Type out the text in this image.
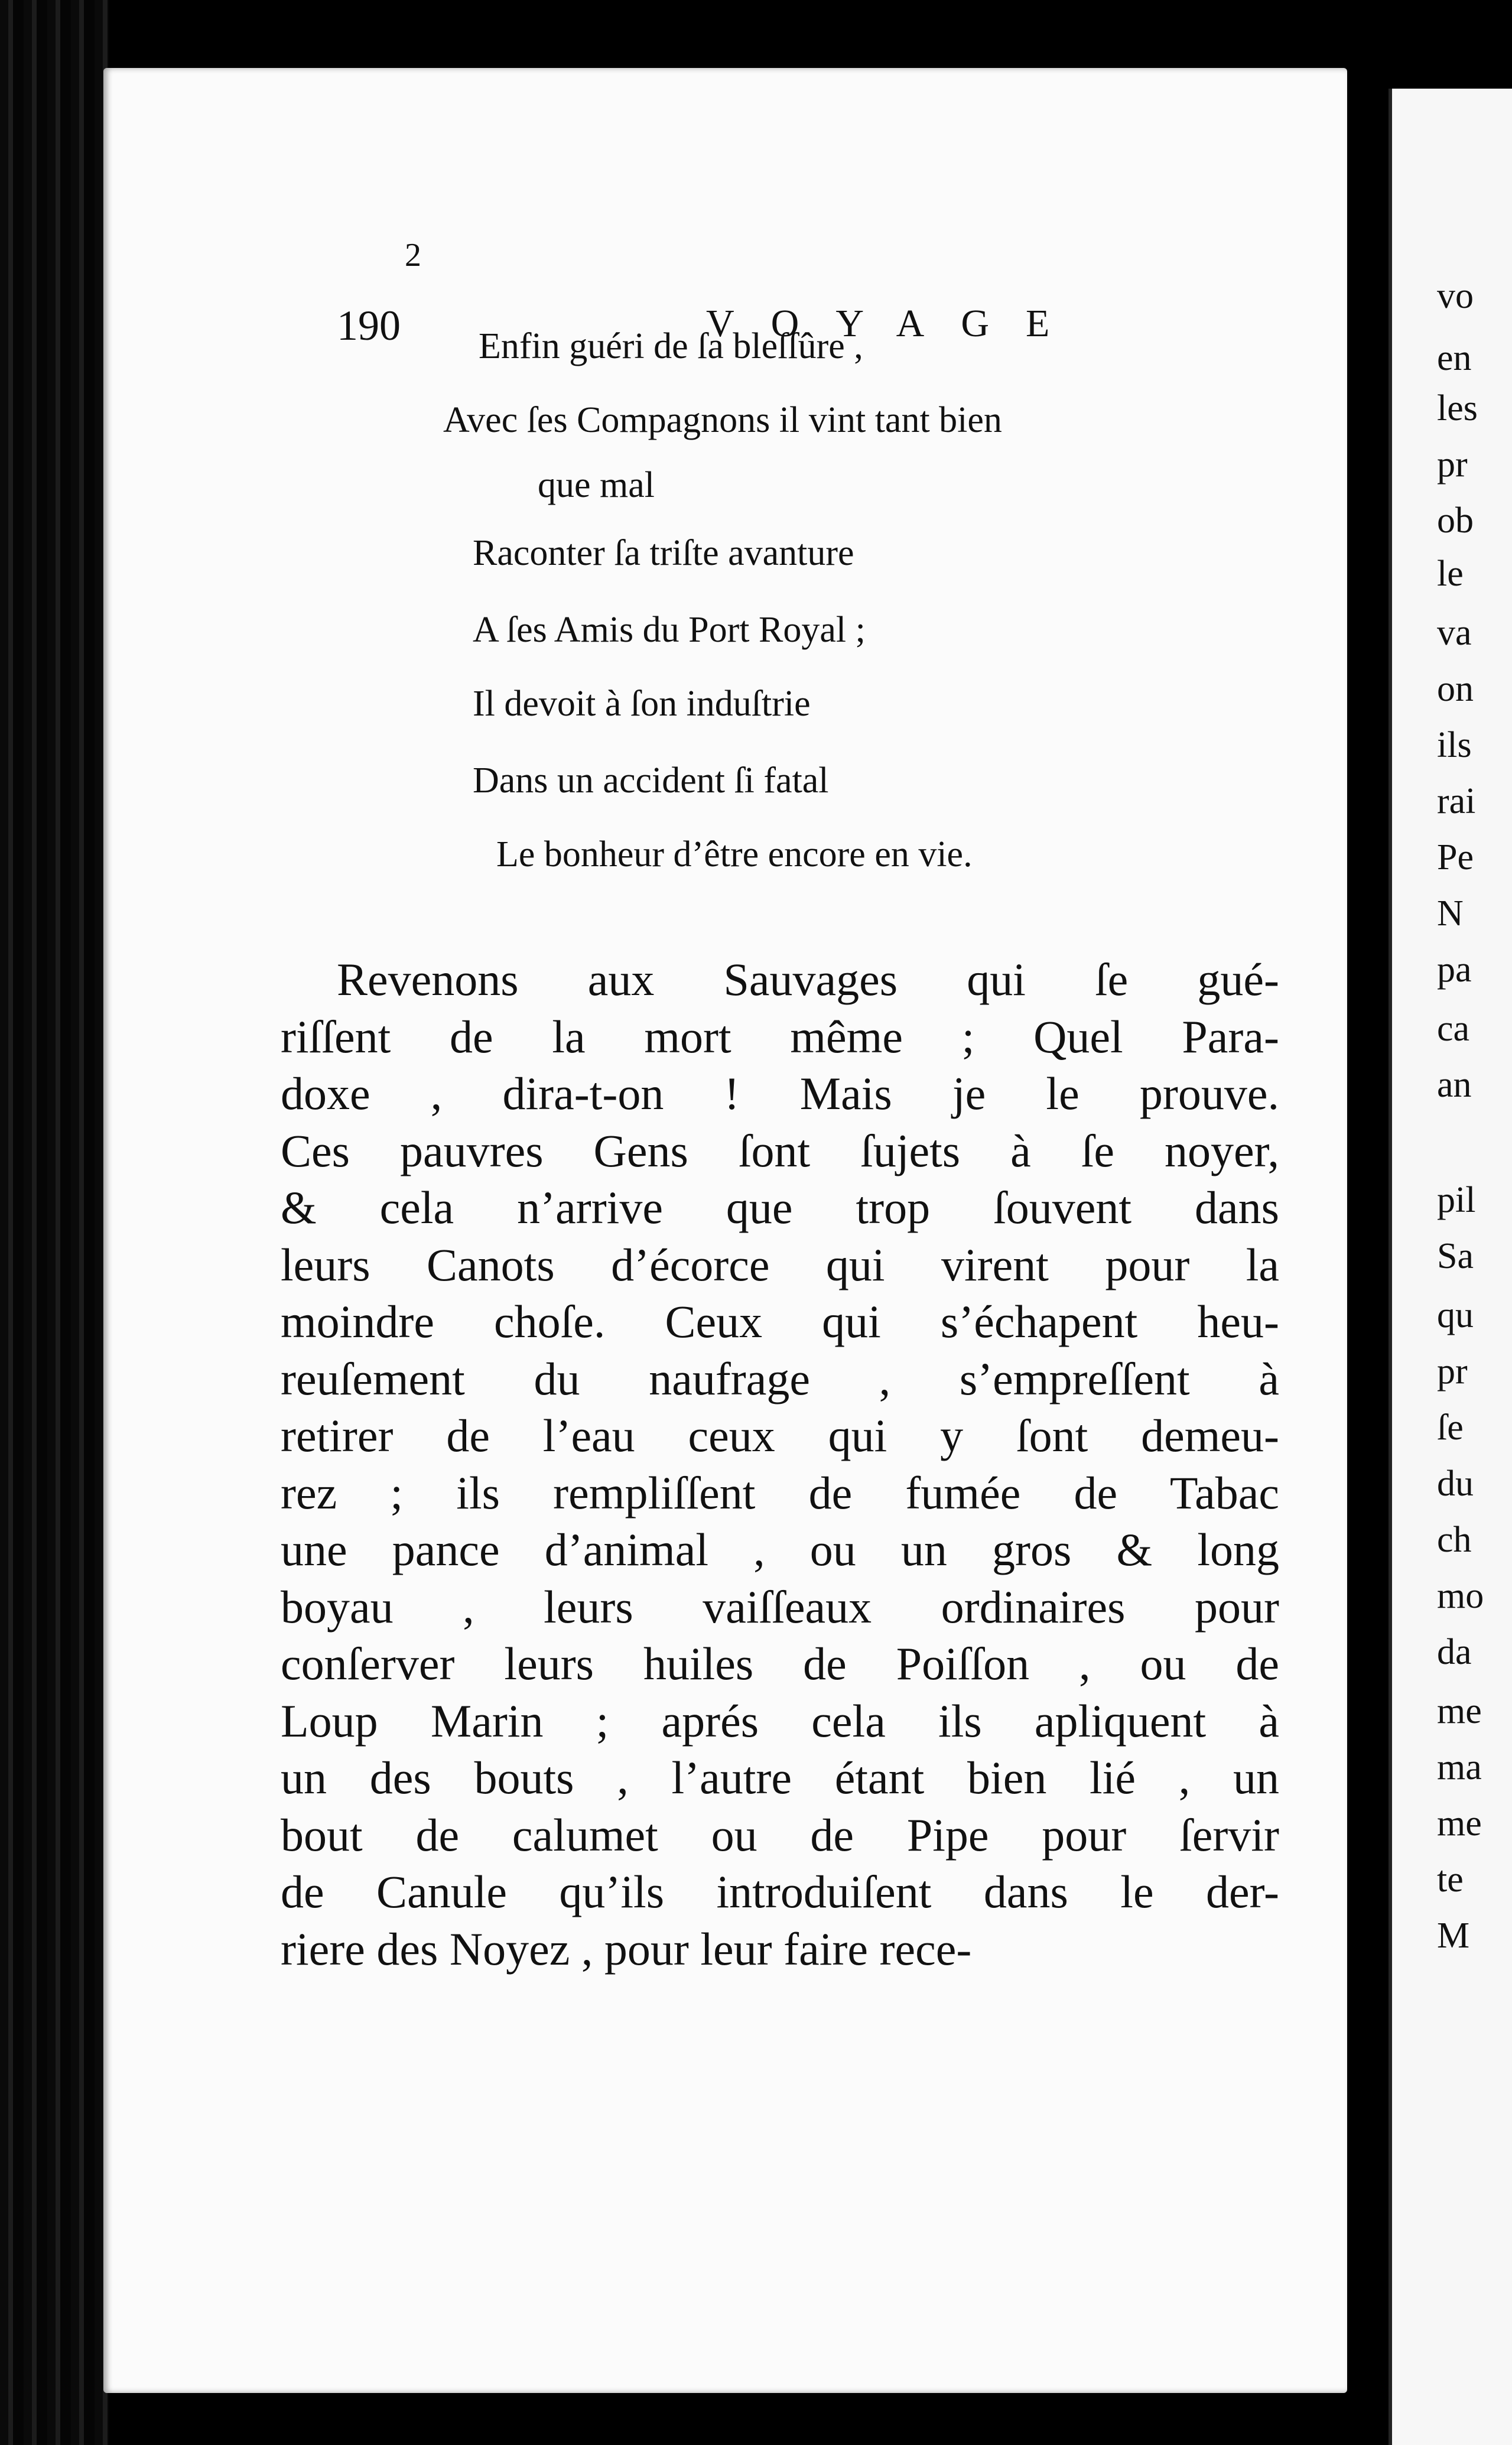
190	VOYAGE
2
Enfin guéri de ſa bleſſûre ,
Avec ſes Compagnons il vint tant bien
que mal
Raconter ſa triſte avanture
A ſes Amis du Port Royal ;
Il devoit à ſon induſtrie
Dans un accident ſi fatal
Le bonheur d’être encore en vie.
Revenons aux Sauvages qui ſe gué-
riſſent de la mort même ; Quel Para-
doxe , dira-t-on ! Mais je le prouve.
Ces pauvres Gens ſont ſujets à ſe noyer,
& cela n’arrive que trop ſouvent dans
leurs Canots d’écorce qui virent pour la
moindre choſe. Ceux qui s’échapent heu-
reuſement du naufrage , s’empreſſent à
retirer de l’eau ceux qui y ſont demeu-
rez ; ils rempliſſent de fumée de Tabac
une pance d’animal , ou un gros & long
boyau , leurs vaiſſeaux ordinaires pour
conſerver leurs huiles de Poiſſon , ou de
Loup Marin ; aprés cela ils apliquent à
un des bouts , l’autre étant bien lié , un
bout de calumet ou de Pipe pour ſervir
de Canule qu’ils introduiſent dans le der-
riere des Noyez , pour leur faire rece-
vo
en
les
pr
ob
le
va
on
ils
rai
Pe
N
pa
ca
an
pil
Sa
qu
pr
ſe
du
ch
mo
da
me
ma
me
te
M
